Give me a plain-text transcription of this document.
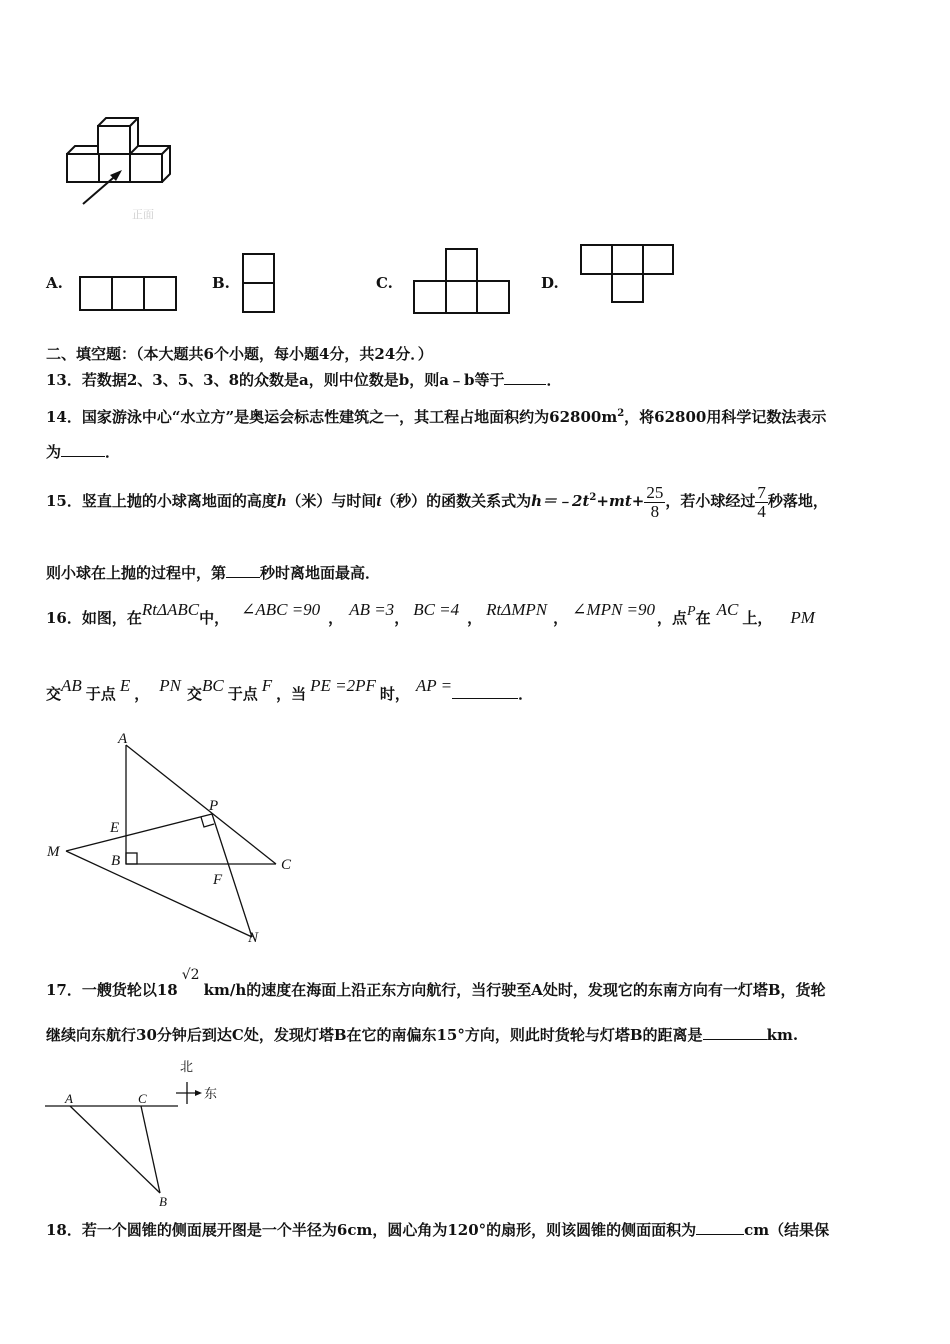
正面
A.	B.	C.	D.
二、填空题：（本大题共6个小题，每小题4分，共24分．）
13．若数据2、3、5、3、8的众数是a，则中位数是b，则a﹣b等于	．
14．国家游泳中心“水立方”是奥运会标志性建筑之一，其工程占地面积约为$62800m^2$，将62800用科学记数法表示
为	．
15．竖直上抛的小球离地面的高度h（米）与时间t（秒）的函数关系式为$h=﹣2t^2+mt+ \frac{25}{8}$ ，若小球经过 $\frac{7}{4}$ 秒落地，
则小球在上抛的过程中，第 秒时离地面最高．
16．如图，在RtΔABC中， ∠ABC =90 ， AB =3， BC =4 ， RtΔMPN ， ∠MPN =90 ，点P在 AC 上， PM
交AB 于点 E ， PN 交BC 于点 F ，当 PE =2PF 时， AP =	．
A
P
E
M
B	C
F
N
17．一艘货轮以18√2km/h的速度在海面上沿正东方向航行，当行驶至A处时，发现它的东南方向有一灯塔B，货轮
继续向东航行30分钟后到达C处，发现灯塔B在它的南偏东15°方向，则此时货轮与灯塔B的距离是	km.
北
东
A	C
B
18．若一个圆锥的侧面展开图是一个半径为6cm，圆心角为120°的扇形，则该圆锥的侧面面积为	cm（结果保
